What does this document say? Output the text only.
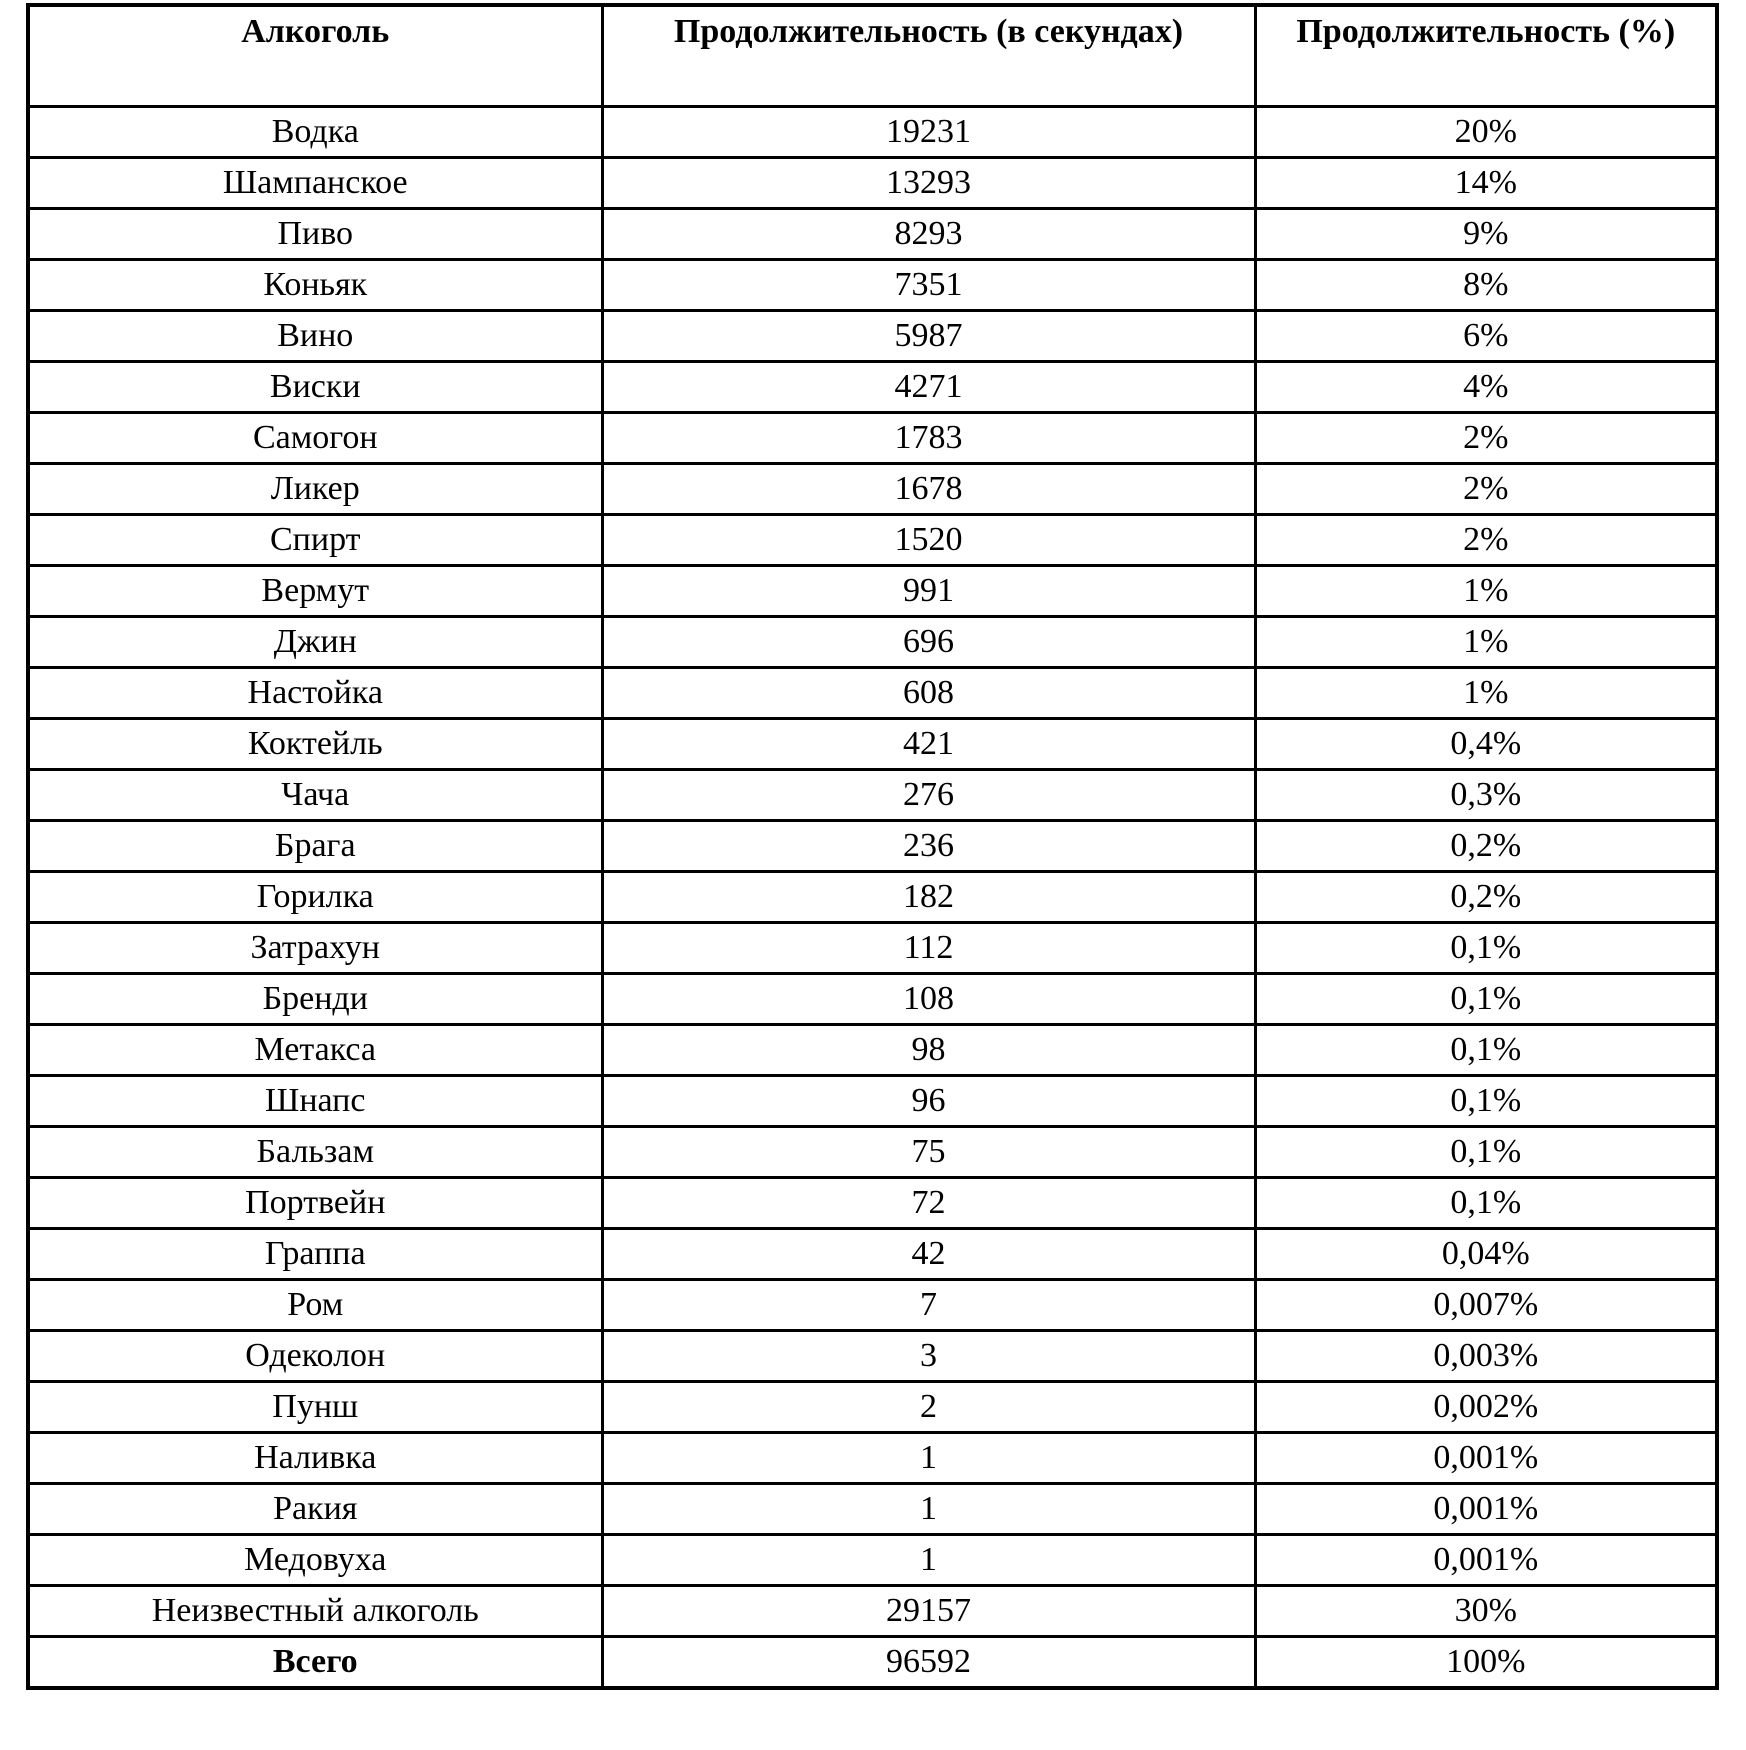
Алкоголь	Продолжительность (в секундах)	Продолжительность (%)
Водка	19231	20%
Шампанское	13293	14%
Пиво	8293	9%
Коньяк	7351	8%
Вино	5987	6%
Виски	4271	4%
Самогон	1783	2%
Ликер	1678	2%
Спирт	1520	2%
Вермут	991	1%
Джин	696	1%
Настойка	608	1%
Коктейль	421	0,4%
Чача	276	0,3%
Брага	236	0,2%
Горилка	182	0,2%
Затрахун	112	0,1%
Бренди	108	0,1%
Метакса	98	0,1%
Шнапс	96	0,1%
Бальзам	75	0,1%
Портвейн	72	0,1%
Граппа	42	0,04%
Ром	7	0,007%
Одеколон	3	0,003%
Пунш	2	0,002%
Наливка	1	0,001%
Ракия	1	0,001%
Медовуха	1	0,001%
Неизвестный алкоголь	29157	30%
Всего	96592	100%
